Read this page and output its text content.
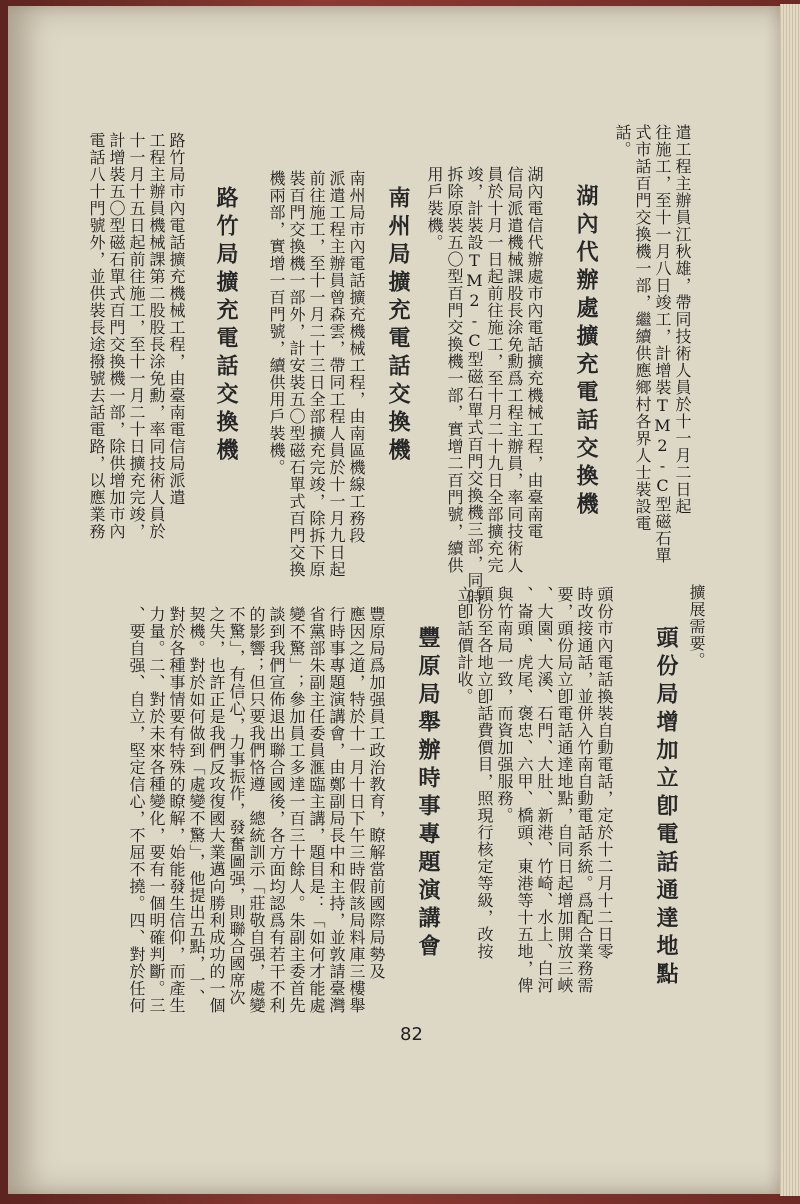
遣工程主辦員江秋雄，帶同技術人員於十一月二日起
往施工，至十一月八日竣工，計增裝TM2-C型磁石單
式市話百門交換機一部，繼續供應鄉村各界人士裝設電
話。
湖內代辦處擴充電話交換機
湖內電信代辦處市內電話擴充機械工程，由臺南電
信局派遣機械課股長涂免勳爲工程主辦員，率同技術人
員於十月一日起前往施工，至十月二十九日全部擴充完
竣，計裝設TM2-C型磁石單式百門交換機三部，同時
拆除原裝五〇型百門交換機一部，實增二百門號，續供
用戶裝機。
南州局擴充電話交換機
南州局市內電話擴充機械工程，由南區機線工務段
派遣工程主辦員曾森雲，帶同工程人員於十一月九日起
前往施工，至十一月二十三日全部擴充完竣，除拆下原
裝百門交換機一部外，計安裝五〇型磁石單式百門交換
機兩部，實增一百門號，續供用戶裝機。
路竹局擴充電話交換機
路竹局市內電話擴充機械工程，由臺南電信局派遣
工程主辦員機械課第二股股長涂免勳，率同技術人員於
十一月十五日起前往施工，至十一月二十日擴充完竣，
計增裝五〇型磁石單式百門交換機一部，除供增加市內
電話八十門號外，並供裝長途撥號去話電路，以應業務
擴展需要。
頭份局增加立卽電話通達地點
頭份市內電話換裝自動電話，定於十二月十二日零
時改接通話，並併入竹南自動電話系統。爲配合業務需
要，頭份局立卽電話通達地點，自同日起增加開放三峽
、大園、大溪、石門、大肚、新港、竹崎、水上、白河
、崙頭、虎尾、褒忠、六甲、橋頭、東港等十五地，俾
與竹南局一致，而資加强服務。
頭份至各地立卽話費價目，照現行核定等級，改按
立卽話價計收。
豐原局舉辦時事專題演講會
豐原局爲加强員工政治教育，瞭解當前國際局勢及
應因之道，特於十一月十日下午三時假該局料庫三樓舉
行時事專題演講會，由鄭副局長中和主持，並敦請臺灣
省黨部朱副主任委員滙臨主講，題目是：「如何才能處
變不驚」；參加員工多達一百三十餘人。朱副主委首先
談到我們宣佈退出聯合國後，各方面均認爲有若干不利
的影響；但只要我們恪遵　總統訓示「莊敬自强，處變
不驚」，有信心，力事振作，發奮圖强，則聯合國席次
之失，也許正是我們反攻復國大業邁向勝利成功的一個
契機。對於如何做到「處變不驚」，他提出五點，一、
對於各種事情要有特殊的瞭解，始能發生信仰，而產生
力量。二、對於未來各種變化，要有一個明確判斷。三
、要自强、自立，堅定信心，不屈不撓。四、對於任何
82
